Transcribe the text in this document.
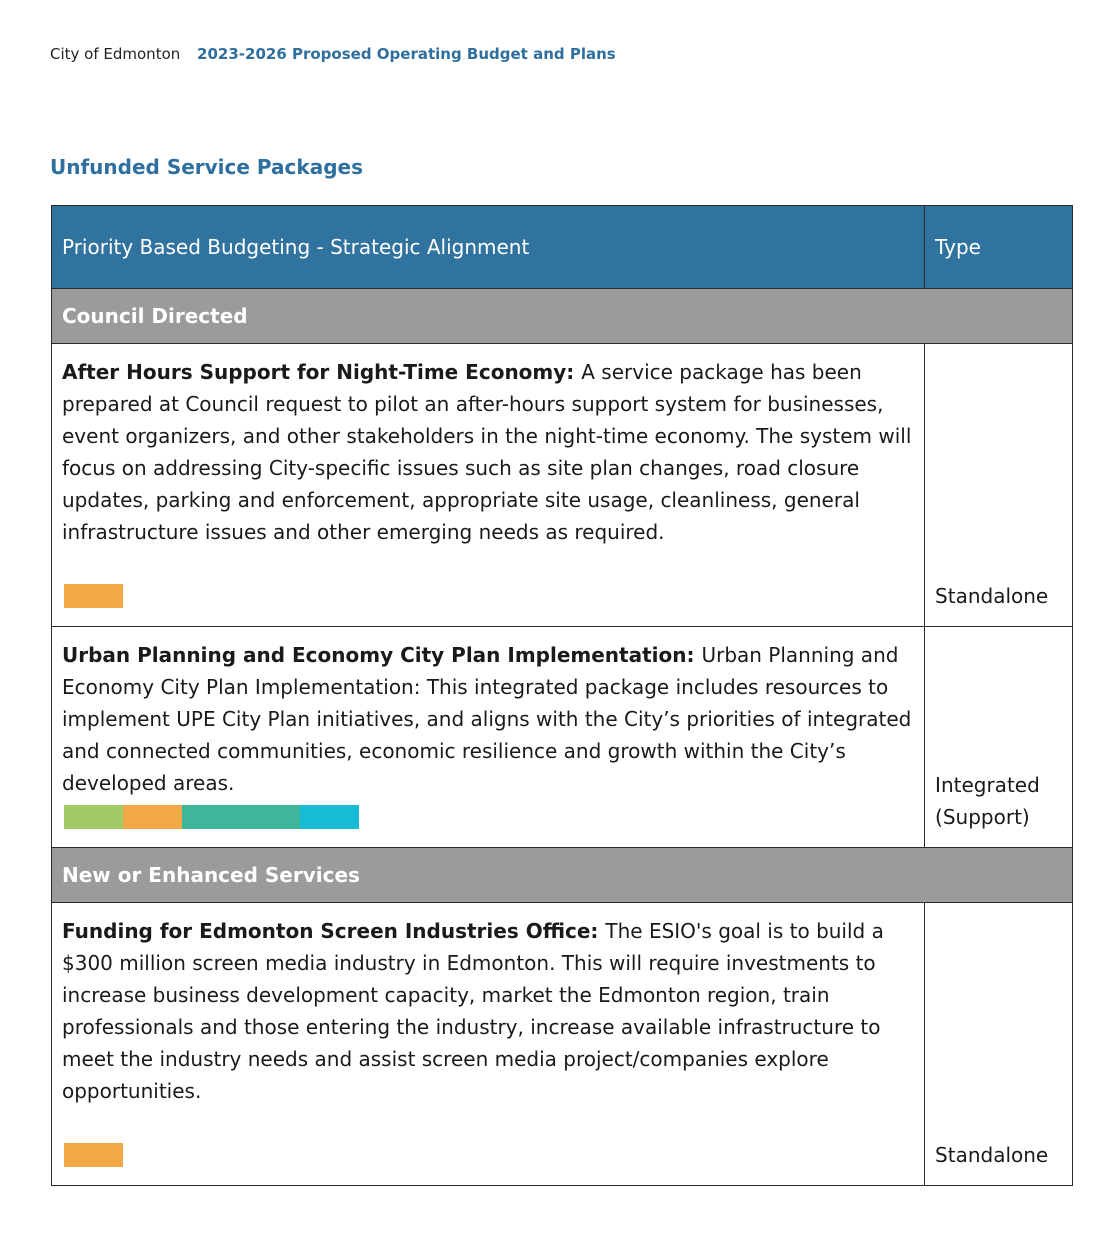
City of Edmonton 2023-2026 Proposed Operating Budget and Plans
Unfunded Service Packages
Priority Based Budgeting - Strategic Alignment	Type
Council Directed	
After Hours Support for Night-Time Economy: A service package has been prepared at Council request to pilot an after-hours support system for businesses, event organizers, and other stakeholders in the night-time economy. The system will focus on addressing City-specific issues such as site plan changes, road closure updates, parking and enforcement, appropriate site usage, cleanliness, general infrastructure issues and other emerging needs as required.	Standalone
Urban Planning and Economy City Plan Implementation: Urban Planning and Economy City Plan Implementation: This integrated package includes resources to implement UPE City Plan initiatives, and aligns with the City’s priorities of integrated and connected communities, economic resilience and growth within the City’s developed areas.	Integrated (Support)
New or Enhanced Services	
Funding for Edmonton Screen Industries Office: The ESIO's goal is to build a $300 million screen media industry in Edmonton. This will require investments to increase business development capacity, market the Edmonton region, train professionals and those entering the industry, increase available infrastructure to meet the industry needs and assist screen media project/companies explore opportunities.	Standalone
